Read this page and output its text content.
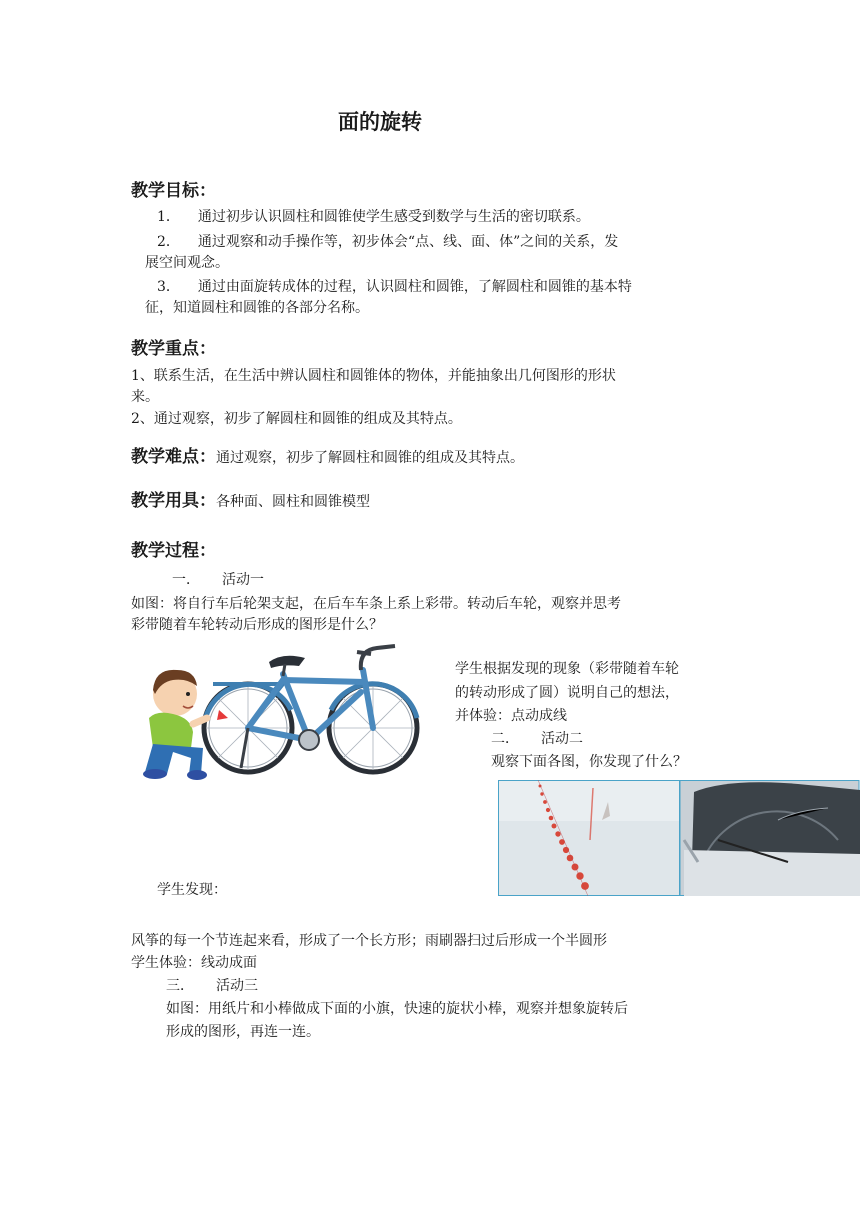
面的旋转
教学目标：
1． 通过初步认识圆柱和圆锥使学生感受到数学与生活的密切联系。
2． 通过观察和动手操作等，初步体会“点、线、面、体”之间的关系，发
展空间观念。
3． 通过由面旋转成体的过程，认识圆柱和圆锥，了解圆柱和圆锥的基本特
征，知道圆柱和圆锥的各部分名称。
教学重点：
1、联系生活，在生活中辨认圆柱和圆锥体的物体，并能抽象出几何图形的形状
来。
2、通过观察，初步了解圆柱和圆锥的组成及其特点。
教学难点：通过观察，初步了解圆柱和圆锥的组成及其特点。
教学用具：各种面、圆柱和圆锥模型
教学过程：
一． 活动一
如图：将自行车后轮架支起，在后车车条上系上彩带。转动后车轮，观察并思考
彩带随着车轮转动后形成的图形是什么？
学生根据发现的现象（彩带随着车轮
的转动形成了圆）说明自己的想法，
并体验：点动成线
二． 活动二
观察下面各图，你发现了什么？
学生发现：
风筝的每一个节连起来看，形成了一个长方形；雨刷器扫过后形成一个半圆形
学生体验：线动成面
三． 活动三
如图：用纸片和小棒做成下面的小旗，快速的旋状小棒，观察并想象旋转后
形成的图形，再连一连。
